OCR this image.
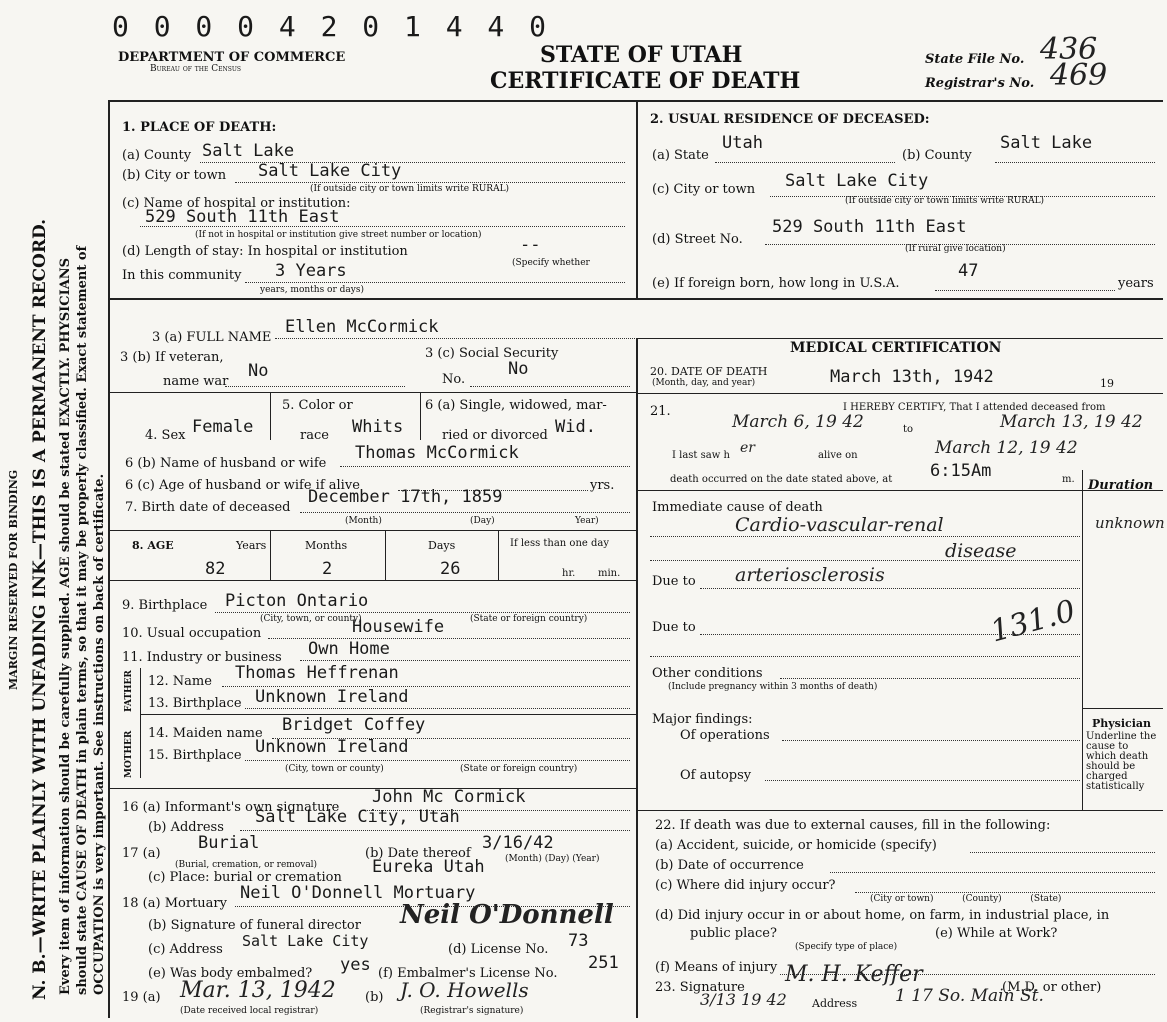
MARGIN RESERVED FOR BINDING N. B.—WRITE PLAINLY WITH UNFADING INK—THIS IS A PERMANENT RECORD. Every item of information should be carefully supplied. AGE should be stated EXACTLY. PHYSICIANS should state CAUSE OF DEATH in plain terms, so that it may be properly classified. Exact statement of OCCUPATION is very important. See instructions on back of certificate.
0 0 0 0 4 2 0 1 4 4 0
DEPARTMENT OF COMMERCE
Bureau of the Census
STATE OF UTAH
CERTIFICATE OF DEATH
State File No. 436
Registrar's No. 469
1. PLACE OF DEATH:
(a) County Salt Lake
(b) City or town Salt Lake City
(If outside city or town limits write RURAL)
(c) Name of hospital or institution:
529 South 11th East
(If not in hospital or institution give street number or location)
(d) Length of stay: In hospital or institution	--
(Specify whether
In this community 3 Years
years, months or days)
2. USUAL RESIDENCE OF DECEASED:
(a) State
Utah
(b) County
Salt Lake
(c) City or town Salt Lake City
(If outside city or town limits write RURAL)
(d) Street No.
529 South 11th East
(If rural give location)
(e) If foreign born, how long in U.S.A.
47
years
3 (a) FULL NAME
Ellen McCormick
3 (b) If veteran,
name war
No
3 (c) Social Security
No.
No
4. Sex Female
5. Color or
race Whits
6 (a) Single, widowed, mar-
ried or divorced Wid.
6 (b) Name of husband or wife
Thomas McCormick
6 (c) Age of husband or wife if alive	yrs.
7. Birth date of deceased
December 17th, 1859
(Month)	(Day)	Year)
8. AGE	Years	Months	Days	If less than one day
82	2	26	hr. min.
9. Birthplace Picton Ontario
(City, town, or county)	(State or foreign country)
10. Usual occupation	Housewife
11. Industry or business Own Home
FATHER
MOTHER
12. Name Thomas Heffrenan
13. Birthplace Unknown Ireland
14. Maiden name Bridget Coffey
15. Birthplace Unknown Ireland
(City, town or county)	(State or foreign country)
16 (a) Informant's own signature
John Mc Cormick
(b) Address
Salt Lake City, Utah
17 (a)
Burial
(Burial, cremation, or removal)
(b) Date thereof
3/16/42
(Month) (Day) (Year)
(c) Place: burial or cremation
Eureka Utah
18 (a) Mortuary
Neil O'Donnell Mortuary
(b) Signature of funeral director Neil O'Donnell
(c) Address Salt Lake City	(d) License No. 73
(e) Was body embalmed? yes (f) Embalmer's License No.
251
19 (a) Mar. 13, 1942 (b) J. O. Howells
(Date received local registrar)	(Registrar's signature)
MEDICAL CERTIFICATION
20. DATE OF DEATH
(Month, day, and year)	March 13th, 1942	19
21.	I HEREBY CERTIFY, That I attended deceased from
March 6, 19 42	to	March 13, 19 42
I last saw h er	alive on	March 12, 19 42
death occurred on the date stated above, at 6:15Am	m. Duration
Immediate cause of death
Cardio-vascular-renal
disease
unknown
Due to arteriosclerosis
Due to	131.0
Other conditions
(Include pregnancy within 3 months of death)
Major findings:
Of operations
Of autopsy
Physician
Underline the cause to which death should be charged statistically
22. If death was due to external causes, fill in the following:
(a) Accident, suicide, or homicide (specify)
(b) Date of occurrence
(c) Where did injury occur?
(City or town)          (County)          (State)
(d) Did injury occur in or about home, on farm, in industrial place, in
public place?
(Specify type of place)
(e) While at Work?
(f) Means of injury
23. Signature
M. H. Keffer
(M.D. or other)
3/13 19 42 Address 1 17 So. Main St.
